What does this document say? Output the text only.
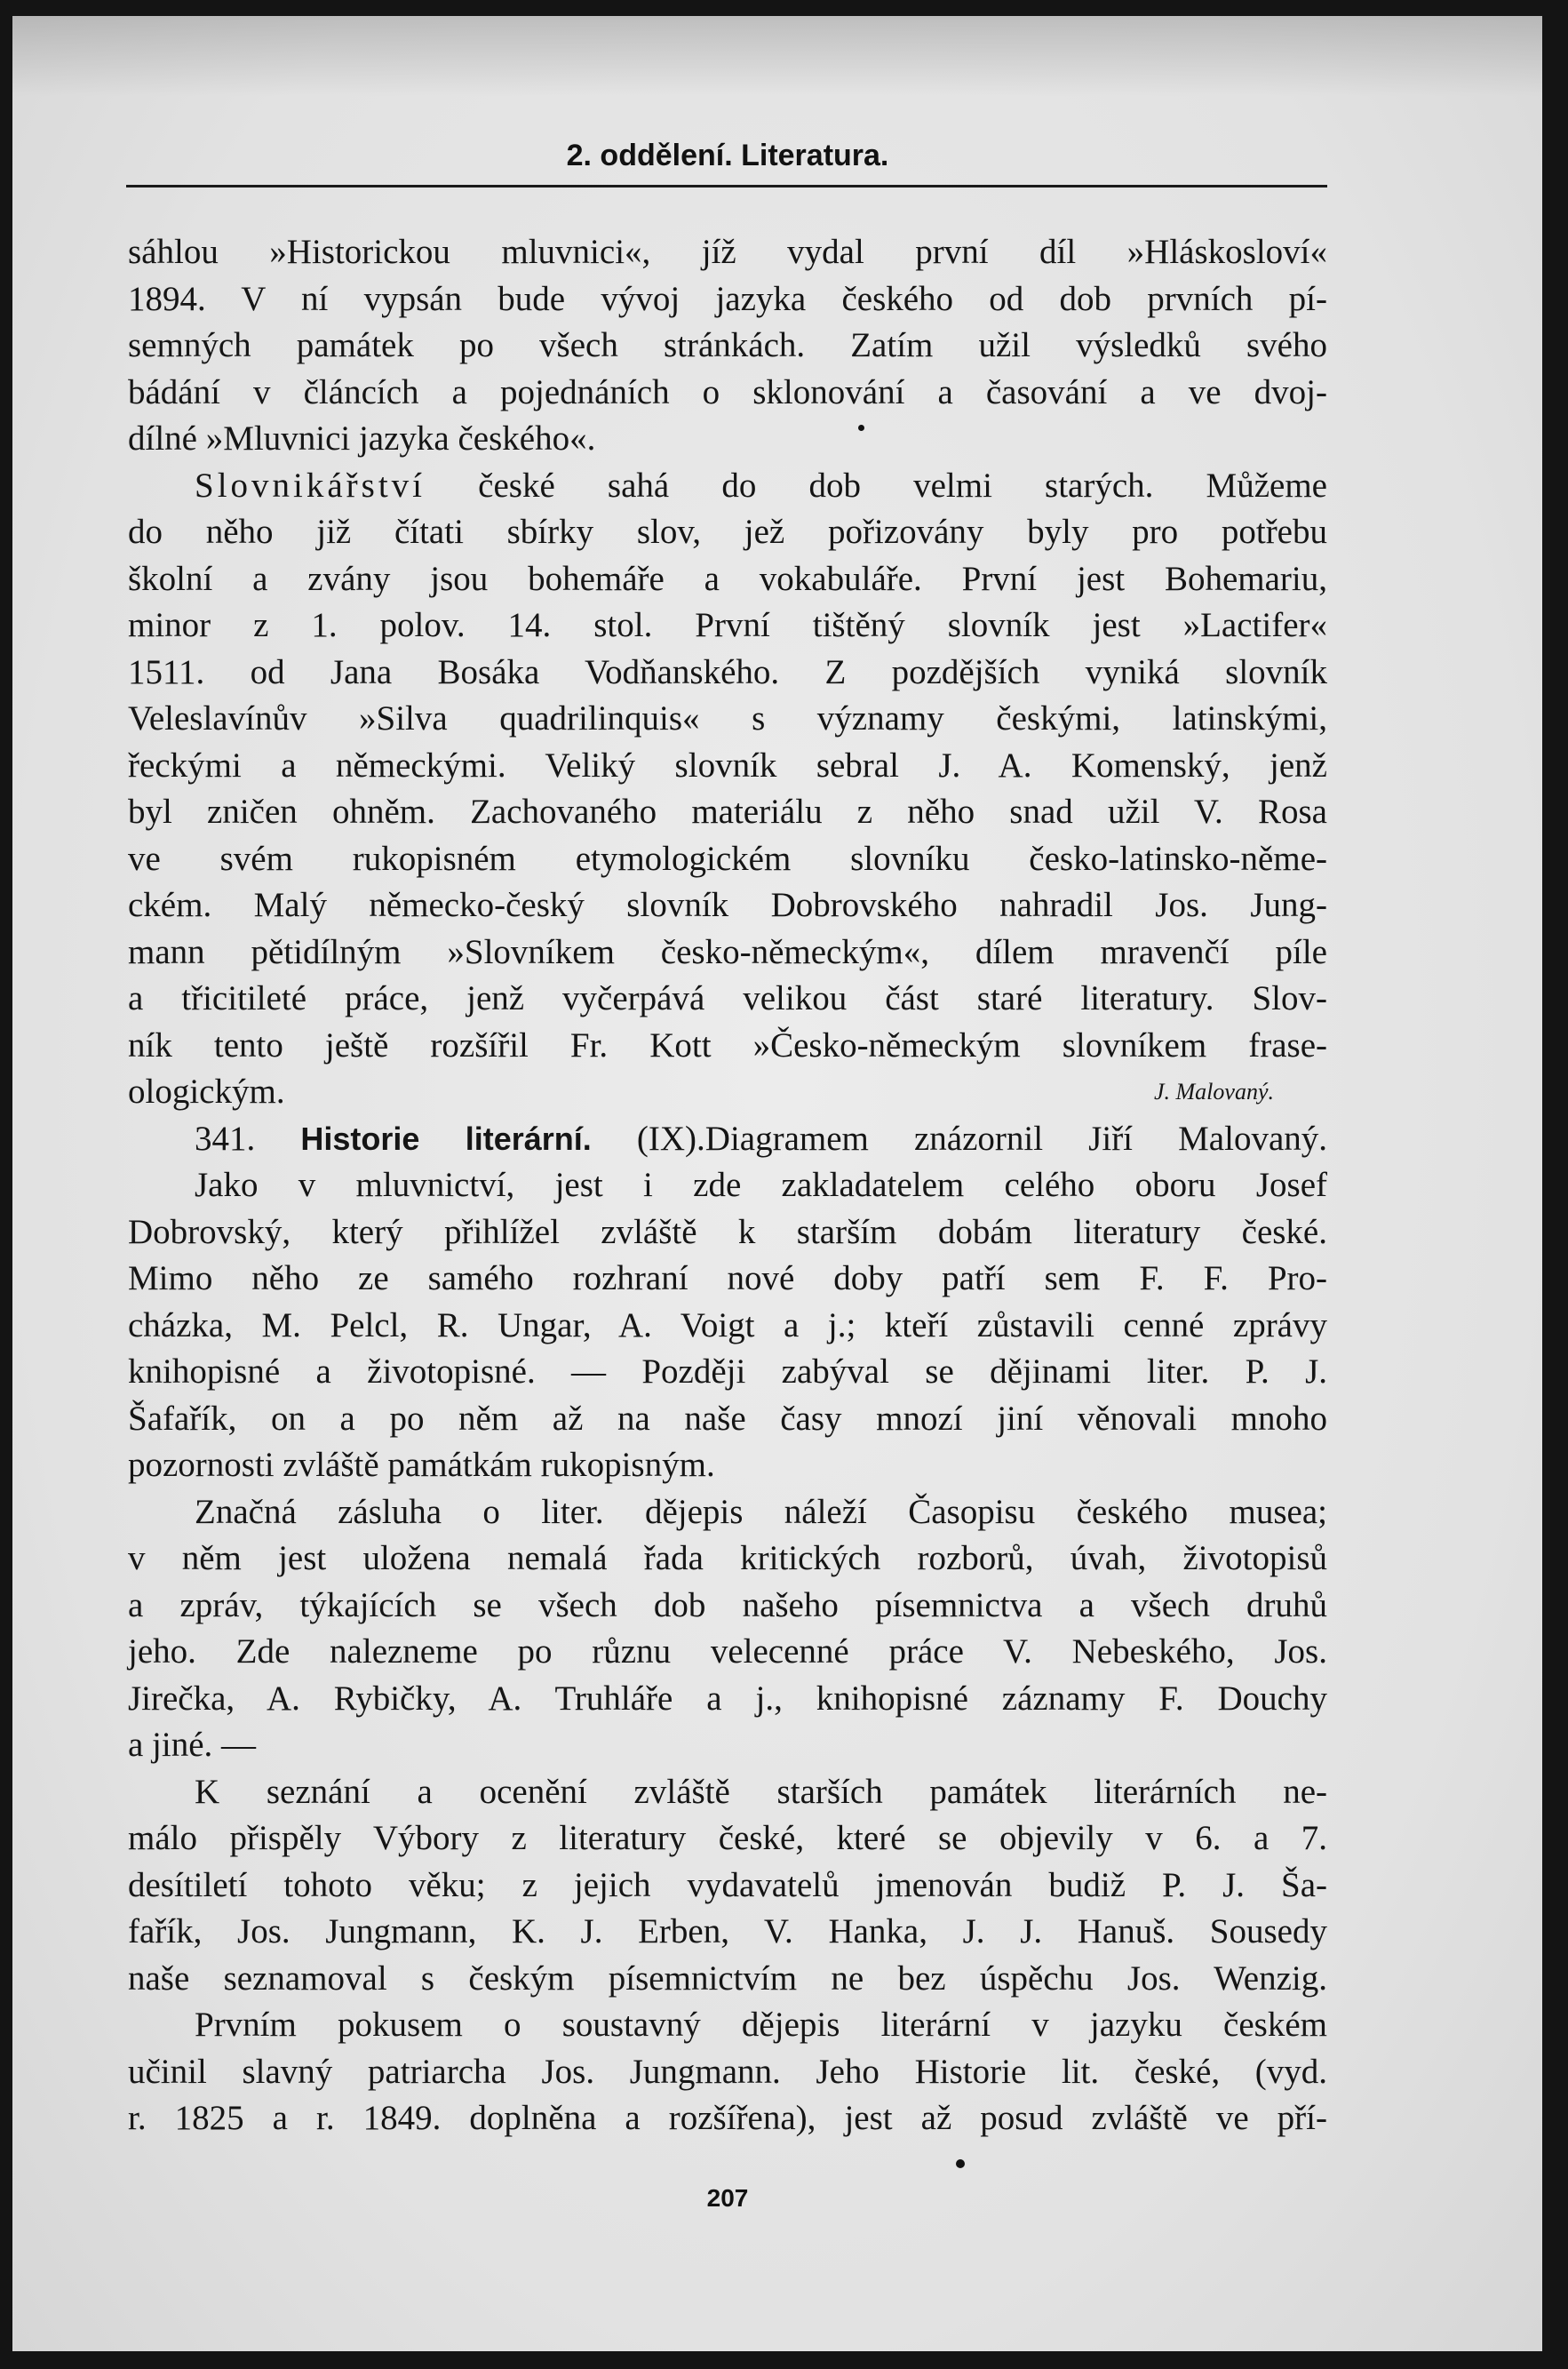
2. oddělení. Literatura.
sáhlou »Historickou mluvnici«, jíž vydal první díl »Hláskosloví«
1894. V ní vypsán bude vývoj jazyka českého od dob prvních pí-
semných památek po všech stránkách. Zatím užil výsledků svého
bádání v článcích a pojednáních o sklonování a časování a ve dvoj-
dílné »Mluvnici jazyka českého«.
Slovnikářství české sahá do dob velmi starých. Můžeme
do něho již čítati sbírky slov, jež pořizovány byly pro potřebu
školní a zvány jsou bohemáře a vokabuláře. První jest Bohemariu,
minor z 1. polov. 14. stol. První tištěný slovník jest »Lactifer«
1511. od Jana Bosáka Vodňanského. Z pozdějších vyniká slovník
Veleslavínův »Silva quadrilinquis« s významy českými, latinskými,
řeckými a německými. Veliký slovník sebral J. A. Komenský, jenž
byl zničen ohněm. Zachovaného materiálu z něho snad užil V. Rosa
ve svém rukopisném etymologickém slovníku česko-latinsko-něme-
ckém. Malý německo-český slovník Dobrovského nahradil Jos. Jung-
mann pětidílným »Slovníkem česko-německým«, dílem mravenčí píle
a třicitileté práce, jenž vyčerpává velikou část staré literatury. Slov-
ník tento ještě rozšířil Fr. Kott »Česko-německým slovníkem frase-
ologickým.	J. Malovaný.
341. Historie literární. (IX).Diagramem znázornil Jiří Malovaný.
Jako v mluvnictví, jest i zde zakladatelem celého oboru Josef
Dobrovský, který přihlížel zvláště k starším dobám literatury české.
Mimo něho ze samého rozhraní nové doby patří sem F. F. Pro-
cházka, M. Pelcl, R. Ungar, A. Voigt a j.; kteří zůstavili cenné zprávy
knihopisné a životopisné. — Později zabýval se dějinami liter. P. J.
Šafařík, on a po něm až na naše časy mnozí jiní věnovali mnoho
pozornosti zvláště památkám rukopisným.
Značná zásluha o liter. dějepis náleží Časopisu českého musea;
v něm jest uložena nemalá řada kritických rozborů, úvah, životopisů
a zpráv, týkajících se všech dob našeho písemnictva a všech druhů
jeho. Zde nalezneme po různu velecenné práce V. Nebeského, Jos.
Jirečka, A. Rybičky, A. Truhláře a j., knihopisné záznamy F. Douchy
a jiné. —
K seznání a ocenění zvláště starších památek literárních ne-
málo přispěly Výbory z literatury české, které se objevily v 6. a 7.
desítiletí tohoto věku; z jejich vydavatelů jmenován budiž P. J. Ša-
fařík, Jos. Jungmann, K. J. Erben, V. Hanka, J. J. Hanuš. Sousedy
naše seznamoval s českým písemnictvím ne bez úspěchu Jos. Wenzig.
Prvním pokusem o soustavný dějepis literární v jazyku českém
učinil slavný patriarcha Jos. Jungmann. Jeho Historie lit. české, (vyd.
r. 1825 a r. 1849. doplněna a rozšířena), jest až posud zvláště ve pří-
207
